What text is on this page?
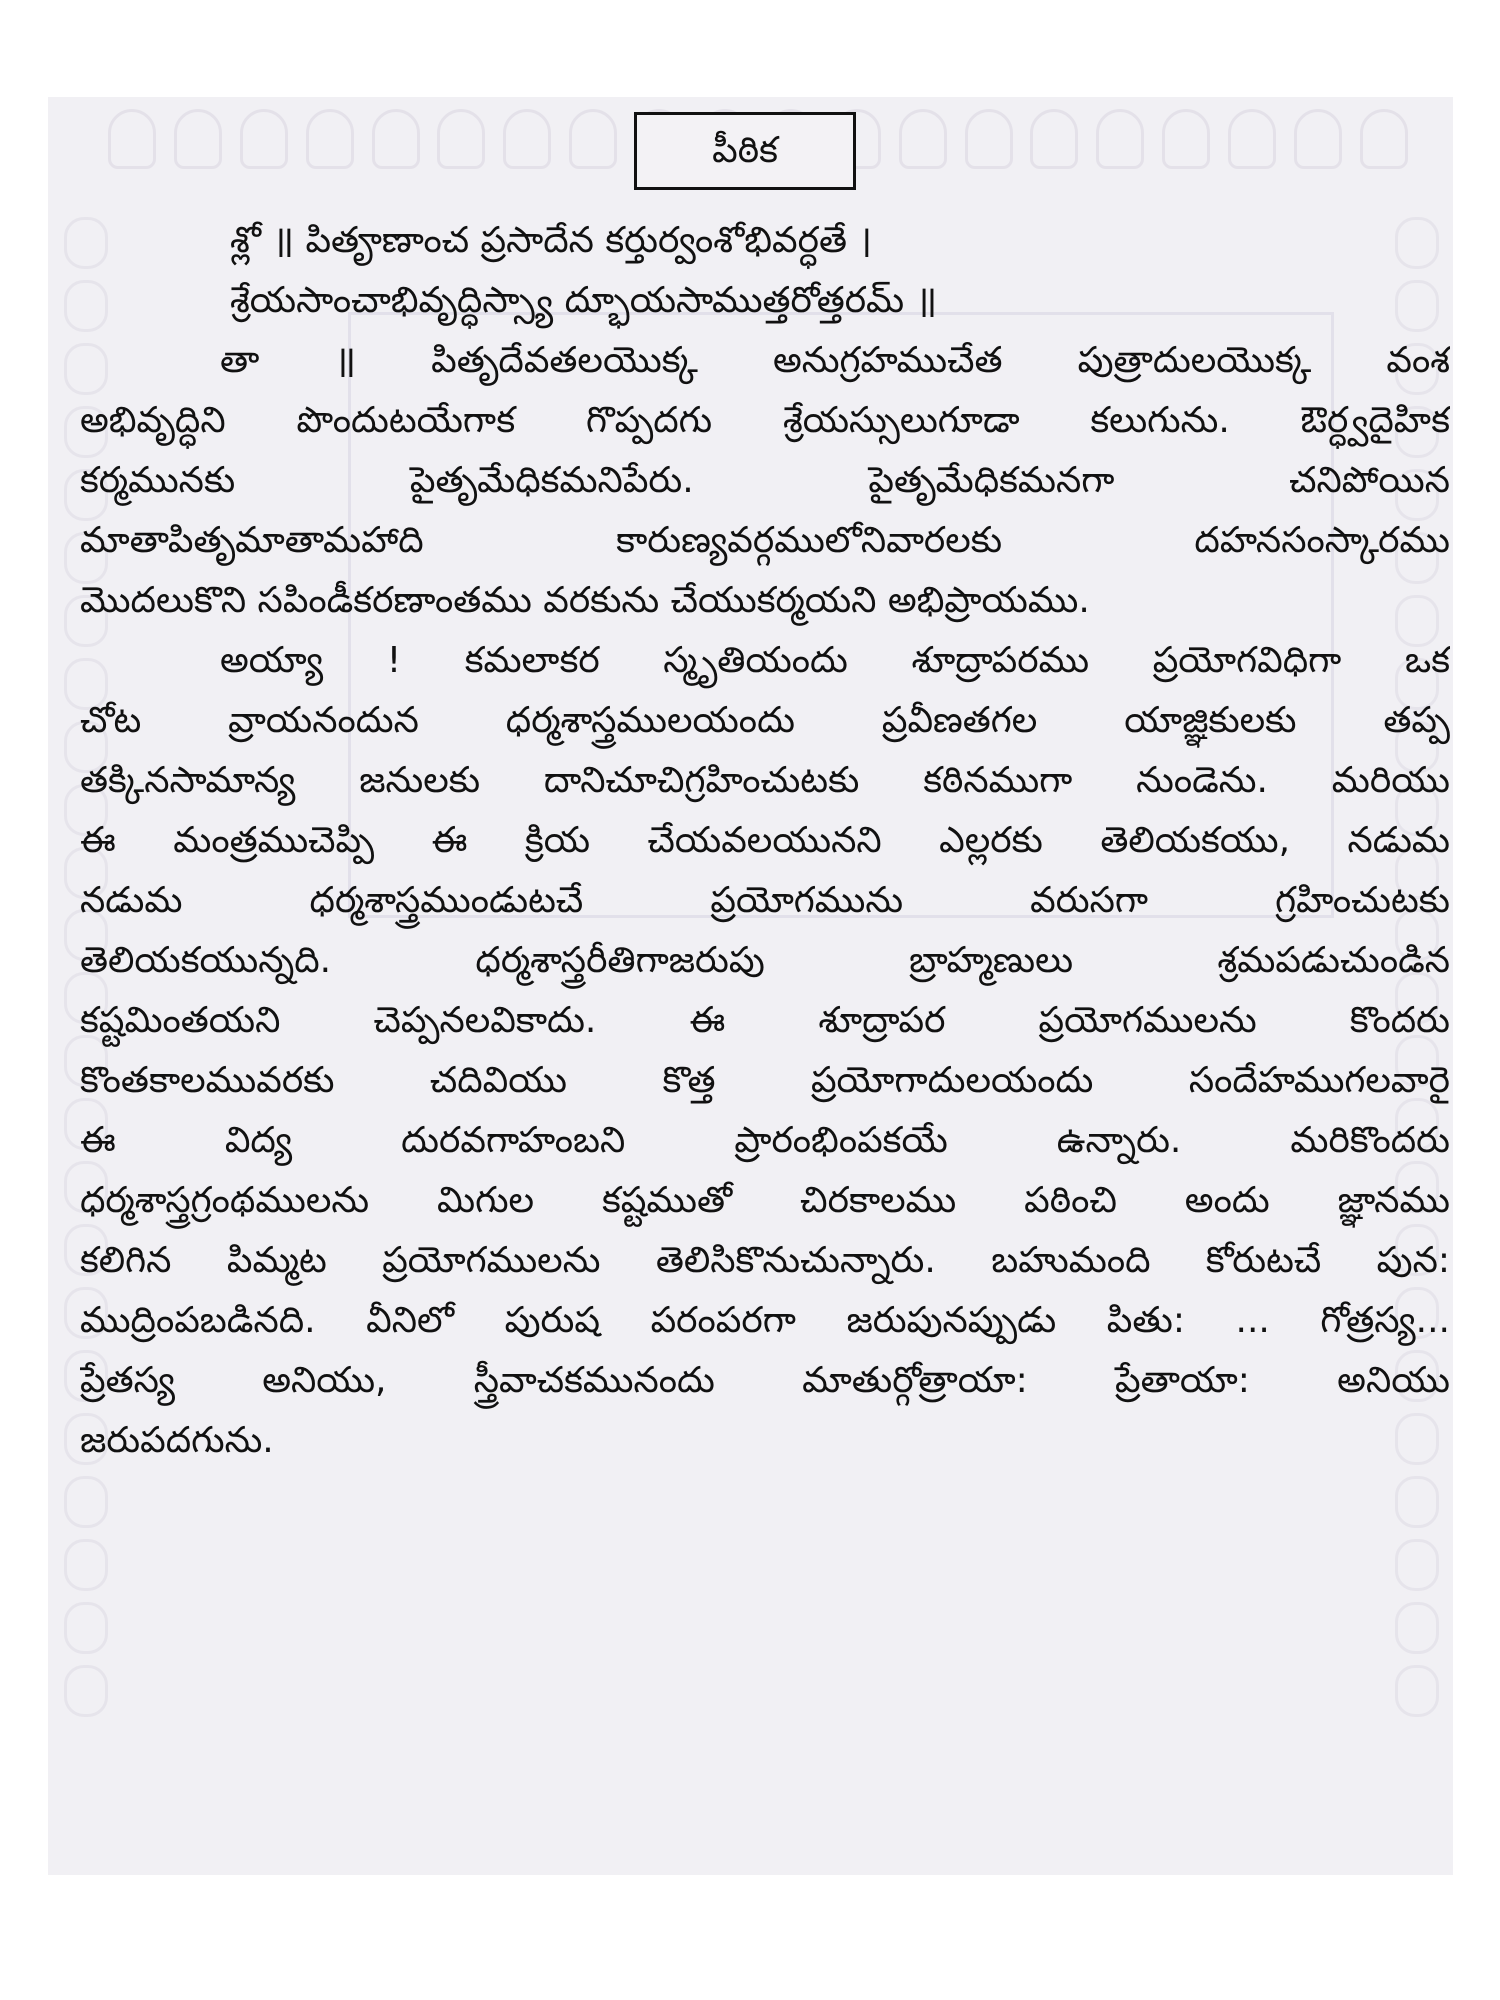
పీఠిక
శ్లో ॥ పితౄణాంచ ప్రసాదేన కర్తుర్వంశోభివర్ధతే ।
శ్రేయసాంచాభివృద్ధిస్స్యా ద్భూయసాముత్తరోత్తరమ్ ॥
తా ॥ పితృదేవతలయొక్క అనుగ్రహముచేత పుత్రాదులయొక్క వంశ
అభివృద్ధిని పొందుటయేగాక గొప్పదగు శ్రేయస్సులుగూడా కలుగును. ఔర్ధ్వదైహిక
కర్మమునకు పైతృమేధికమనిపేరు. పైతృమేధికమనగా చనిపోయిన
మాతాపితృమాతామహాది కారుణ్యవర్గములోనివారలకు దహనసంస్కారము
మొదలుకొని సపిండీకరణాంతము వరకును చేయుకర్మయని అభిప్రాయము.
అయ్యా ! కమలాకర స్మృతియందు శూద్రాపరము ప్రయోగవిధిగా ఒక
చోట వ్రాయనందున ధర్మశాస్త్రములయందు ప్రవీణతగల యాజ్ఞికులకు తప్ప
తక్కినసామాన్య జనులకు దానిచూచిగ్రహించుటకు కఠినముగా నుండెను. మరియు
ఈ మంత్రముచెప్పి ఈ క్రియ చేయవలయునని ఎల్లరకు తెలియకయు, నడుమ
నడుమ ధర్మశాస్త్రముండుటచే ప్రయోగమును వరుసగా గ్రహించుటకు
తెలియకయున్నది. ధర్మశాస్త్రరీతిగాజరుపు బ్రాహ్మణులు శ్రమపడుచుండిన
కష్టమింతయని చెప్పనలవికాదు. ఈ శూద్రాపర ప్రయోగములను కొందరు
కొంతకాలమువరకు చదివియు కొత్త ప్రయోగాదులయందు సందేహముగలవారై
ఈ విద్య దురవగాహంబని ప్రారంభింపకయే ఉన్నారు. మరికొందరు
ధర్మశాస్త్రగ్రంథములను మిగుల కష్టముతో చిరకాలము పఠించి అందు జ్ఞానము
కలిగిన పిమ్మట ప్రయోగములను తెలిసికొనుచున్నారు. బహుమంది కోరుటచే పున:
ముద్రింపబడినది. వీనిలో పురుష పరంపరగా జరుపునప్పుడు పితు: ... గోత్రస్య...
ప్రేతస్య అనియు, స్త్రీవాచకమునందు మాతుర్గోత్రాయా: ప్రేతాయా: అనియు
జరుపదగును.
